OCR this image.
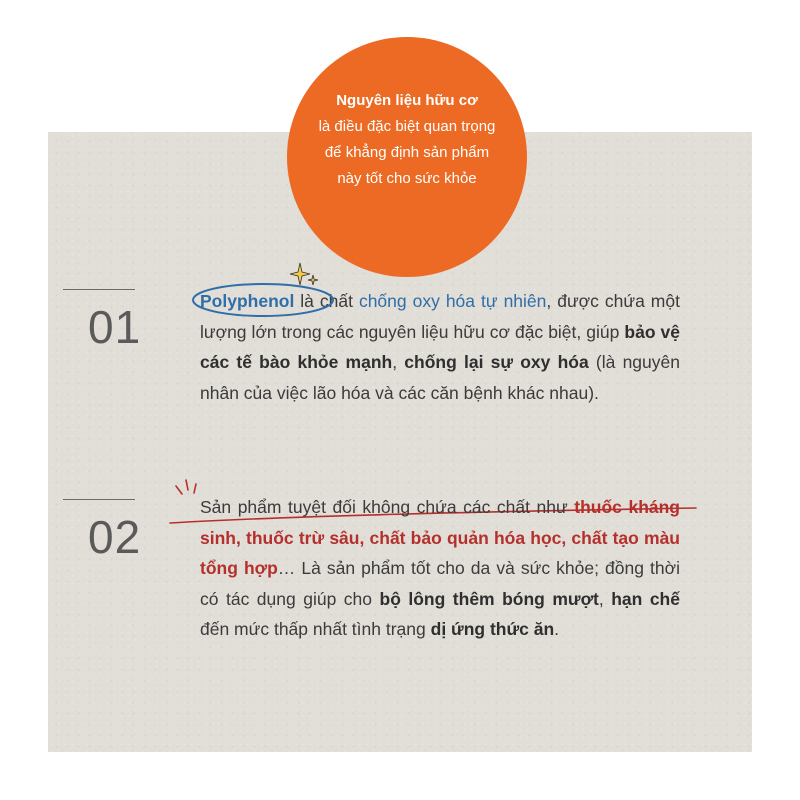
Nguyên liệu hữu cơ
là điều đặc biệt quan trọng
để khẳng định sản phẩm
này tốt cho sức khỏe
01	Polyphenol là chất chống oxy hóa tự nhiên, được chứa một lượng lớn trong các nguyên liệu hữu cơ đặc biệt, giúp bảo vệ các tế bào khỏe mạnh, chống lại sự oxy hóa (là nguyên nhân của việc lão hóa và các căn bệnh khác nhau).
02
Sản phẩm tuyệt đối không chứa các chất như thuốc kháng sinh, thuốc trừ sâu, chất bảo quản hóa học, chất tạo màu tổng hợp… Là sản phẩm tốt cho da và sức khỏe; đồng thời có tác dụng giúp cho bộ lông thêm bóng mượt, hạn chế đến mức thấp nhất tình trạng dị ứng thức ăn.
